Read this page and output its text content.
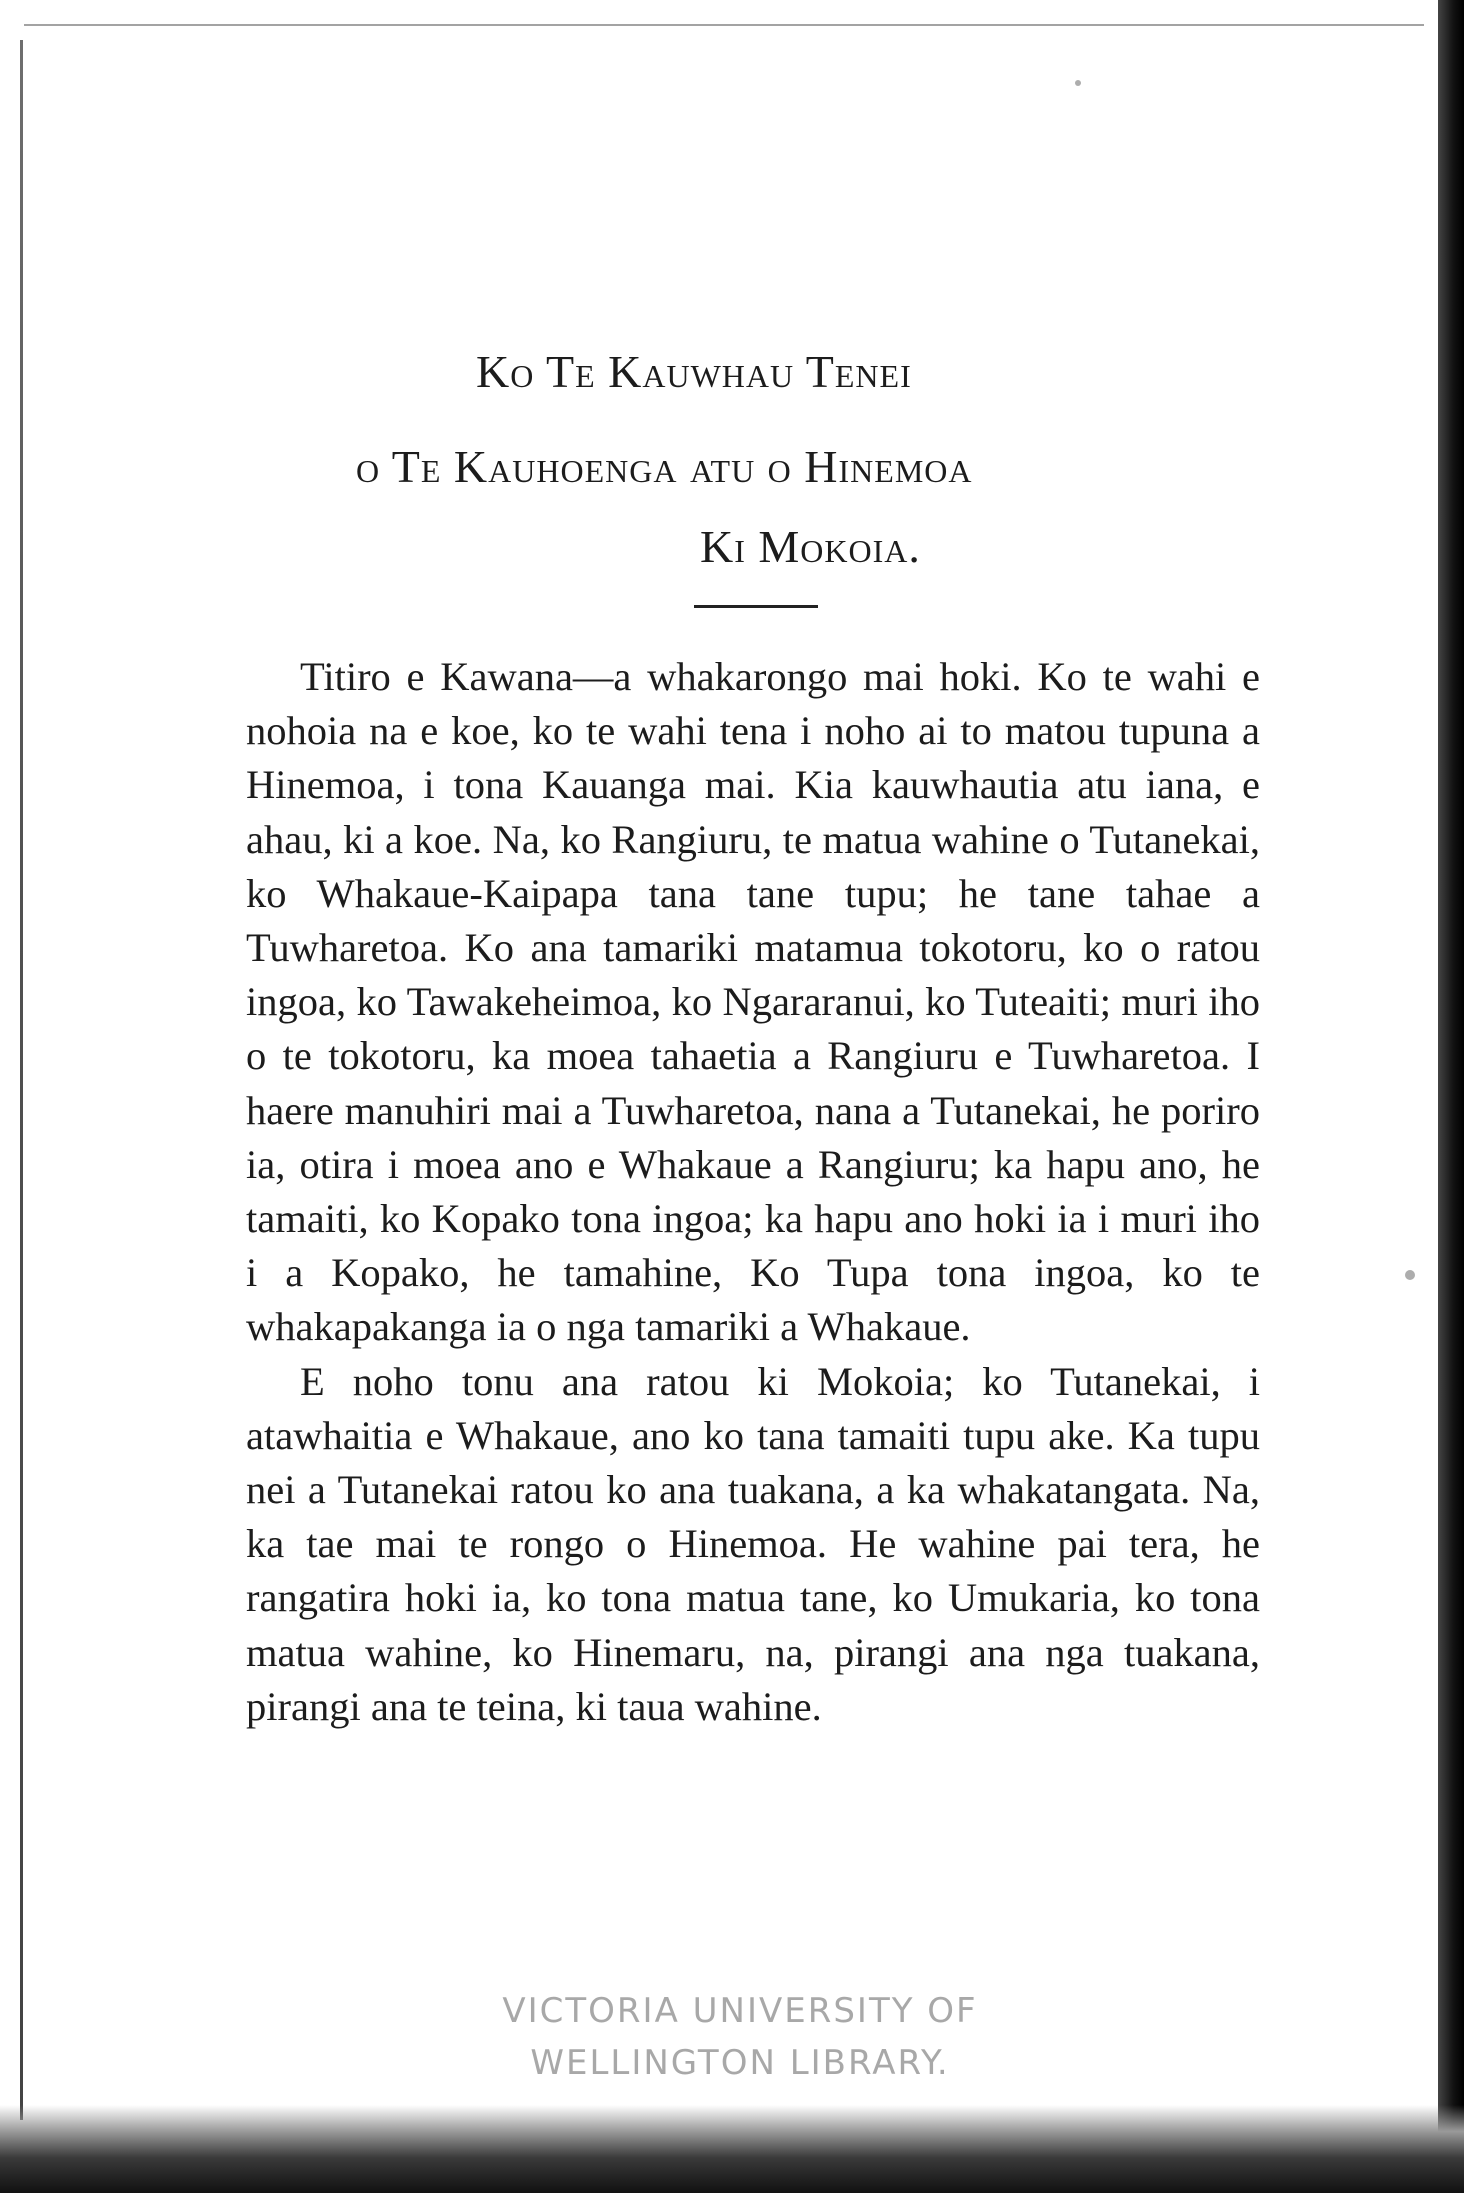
Ko Te Kauwhau Tenei
o Te Kauhoenga atu o Hinemoa
Ki Mokoia.

Titiro e Kawana—a whakarongo mai hoki. Ko te wahi e nohoia na e koe, ko te wahi tena i noho ai to matou tupuna a Hinemoa, i tona Kauanga mai. Kia kauwhautia atu iana, e ahau, ki a koe. Na, ko Rangiuru, te matua wahine o Tutanekai, ko Whakaue-Kaipapa tana tane tupu; he tane tahae a Tuwharetoa. Ko ana tamariki matamua tokotoru, ko o ratou ingoa, ko Tawakeheimoa, ko Ngararanui, ko Tuteaiti; muri iho o te tokotoru, ka moea tahaetia a Rangiuru e Tuwharetoa. I haere manuhiri mai a Tuwharetoa, nana a Tutanekai, he poriro ia, otira i moea ano e Whakaue a Rangiuru; ka hapu ano, he tamaiti, ko Kopako tona ingoa; ka hapu ano hoki ia i muri iho i a Kopako, he tamahine, Ko Tupa tona ingoa, ko te whakapakanga ia o nga tamariki a Whakaue.

E noho tonu ana ratou ki Mokoia; ko Tutanekai, i atawhaitia e Whakaue, ano ko tana tamaiti tupu ake. Ka tupu nei a Tutanekai ratou ko ana tuakana, a ka whakatangata. Na, ka tae mai te rongo o Hinemoa. He wahine pai tera, he rangatira hoki ia, ko tona matua tane, ko Umukaria, ko tona matua wahine, ko Hinemaru, na, pirangi ana nga tuakana, pirangi ana te teina, ki taua wahine.

VICTORIA UNIVERSITY OF
WELLINGTON LIBRARY.
